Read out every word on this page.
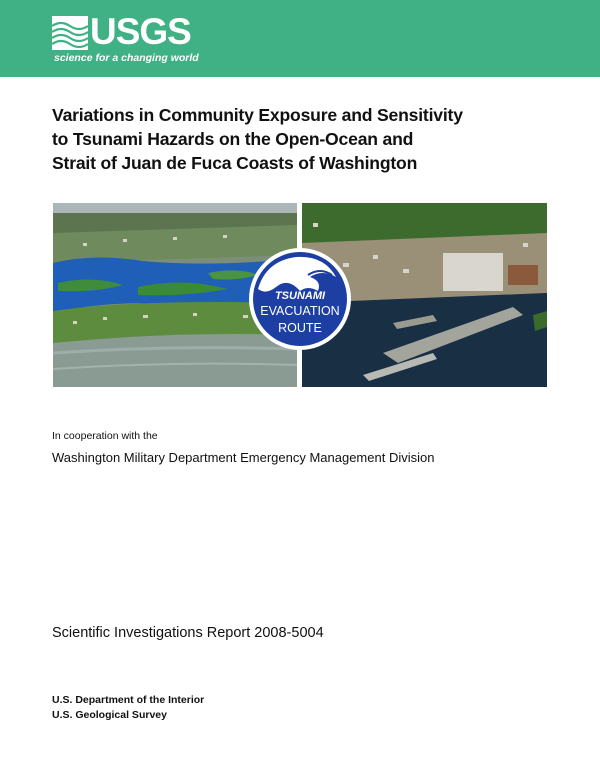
USGS
science for a changing world
Variations in Community Exposure and Sensitivity
to Tsunami Hazards on the Open-Ocean and
Strait of Juan de Fuca Coasts of Washington
TSUNAMI
EVACUATION
ROUTE
In cooperation with the
Washington Military Department Emergency Management Division
Scientific Investigations Report 2008-5004
U.S. Department of the Interior
U.S. Geological Survey
